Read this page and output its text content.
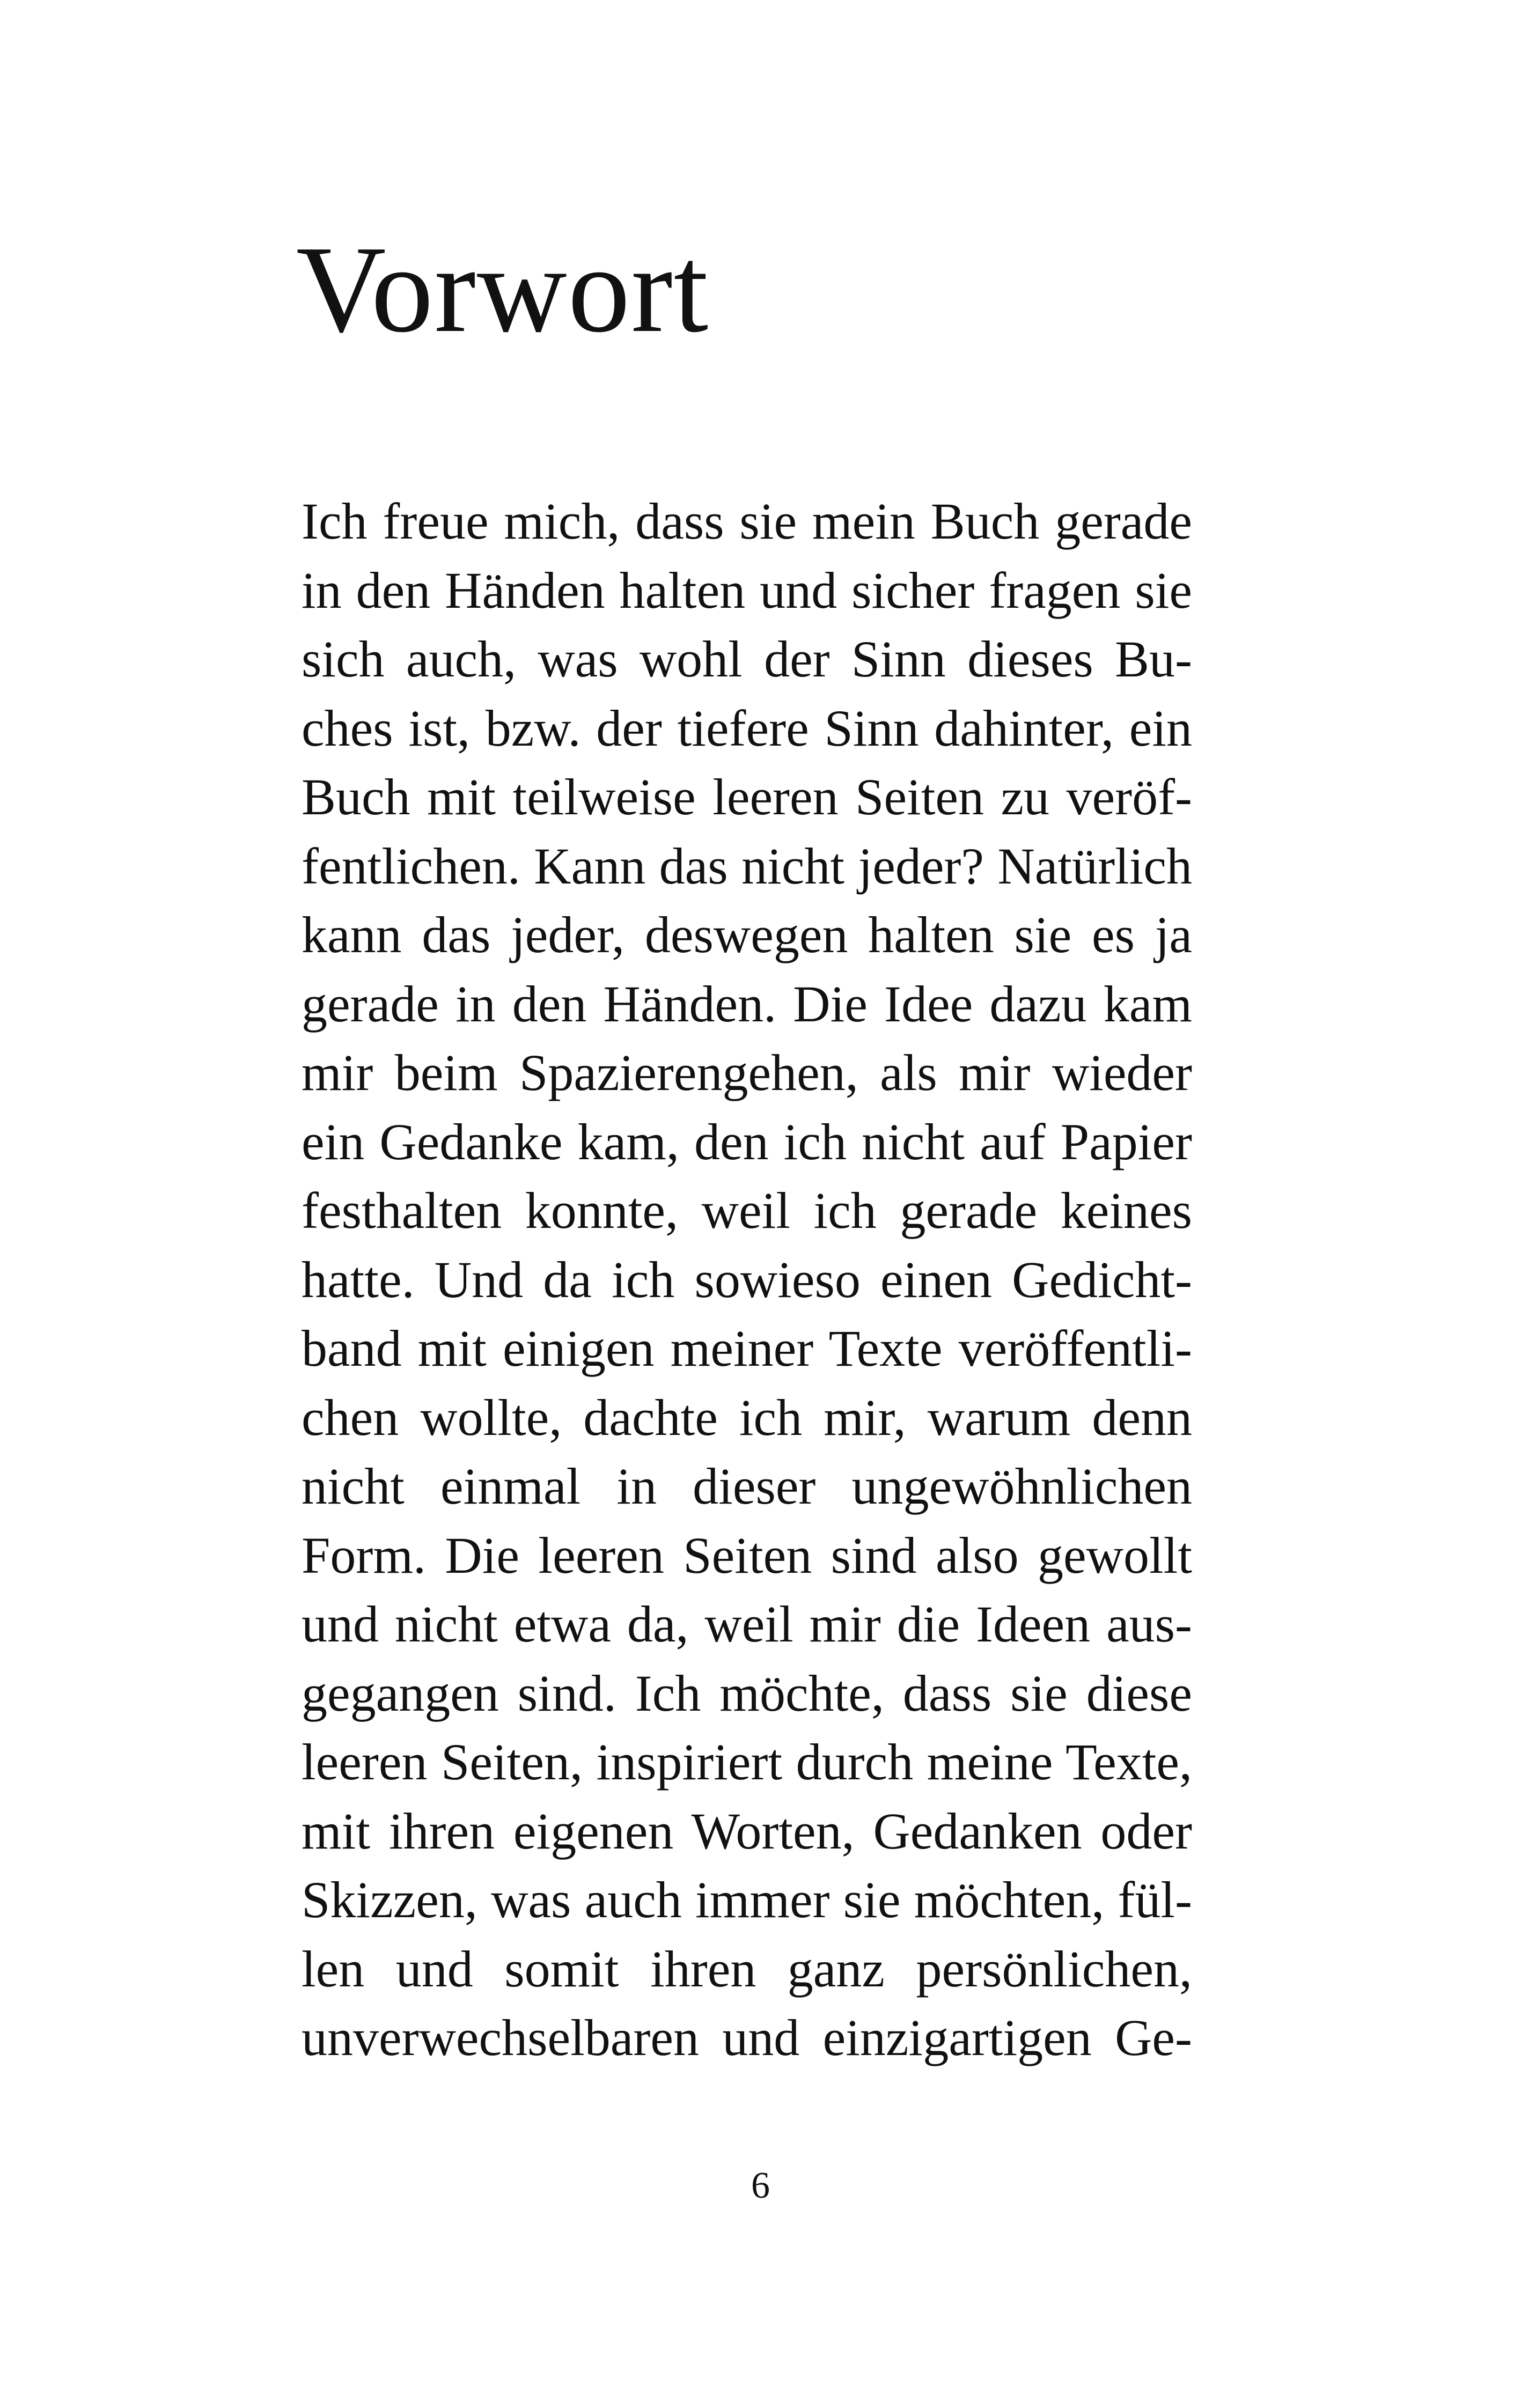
Vorwort
Ich freue mich, dass sie mein Buch gerade
in den Händen halten und sicher fragen sie
sich auch, was wohl der Sinn dieses Bu-
ches ist, bzw. der tiefere Sinn dahinter, ein
Buch mit teilweise leeren Seiten zu veröf-
fentlichen. Kann das nicht jeder? Natürlich
kann das jeder, deswegen halten sie es ja
gerade in den Händen. Die Idee dazu kam
mir beim Spazierengehen, als mir wieder
ein Gedanke kam, den ich nicht auf Papier
festhalten konnte, weil ich gerade keines
hatte. Und da ich sowieso einen Gedicht-
band mit einigen meiner Texte veröffentli-
chen wollte, dachte ich mir, warum denn
nicht einmal in dieser ungewöhnlichen
Form. Die leeren Seiten sind also gewollt
und nicht etwa da, weil mir die Ideen aus-
gegangen sind. Ich möchte, dass sie diese
leeren Seiten, inspiriert durch meine Texte,
mit ihren eigenen Worten, Gedanken oder
Skizzen, was auch immer sie möchten, fül-
len und somit ihren ganz persönlichen,
unverwechselbaren und einzigartigen Ge-
6
